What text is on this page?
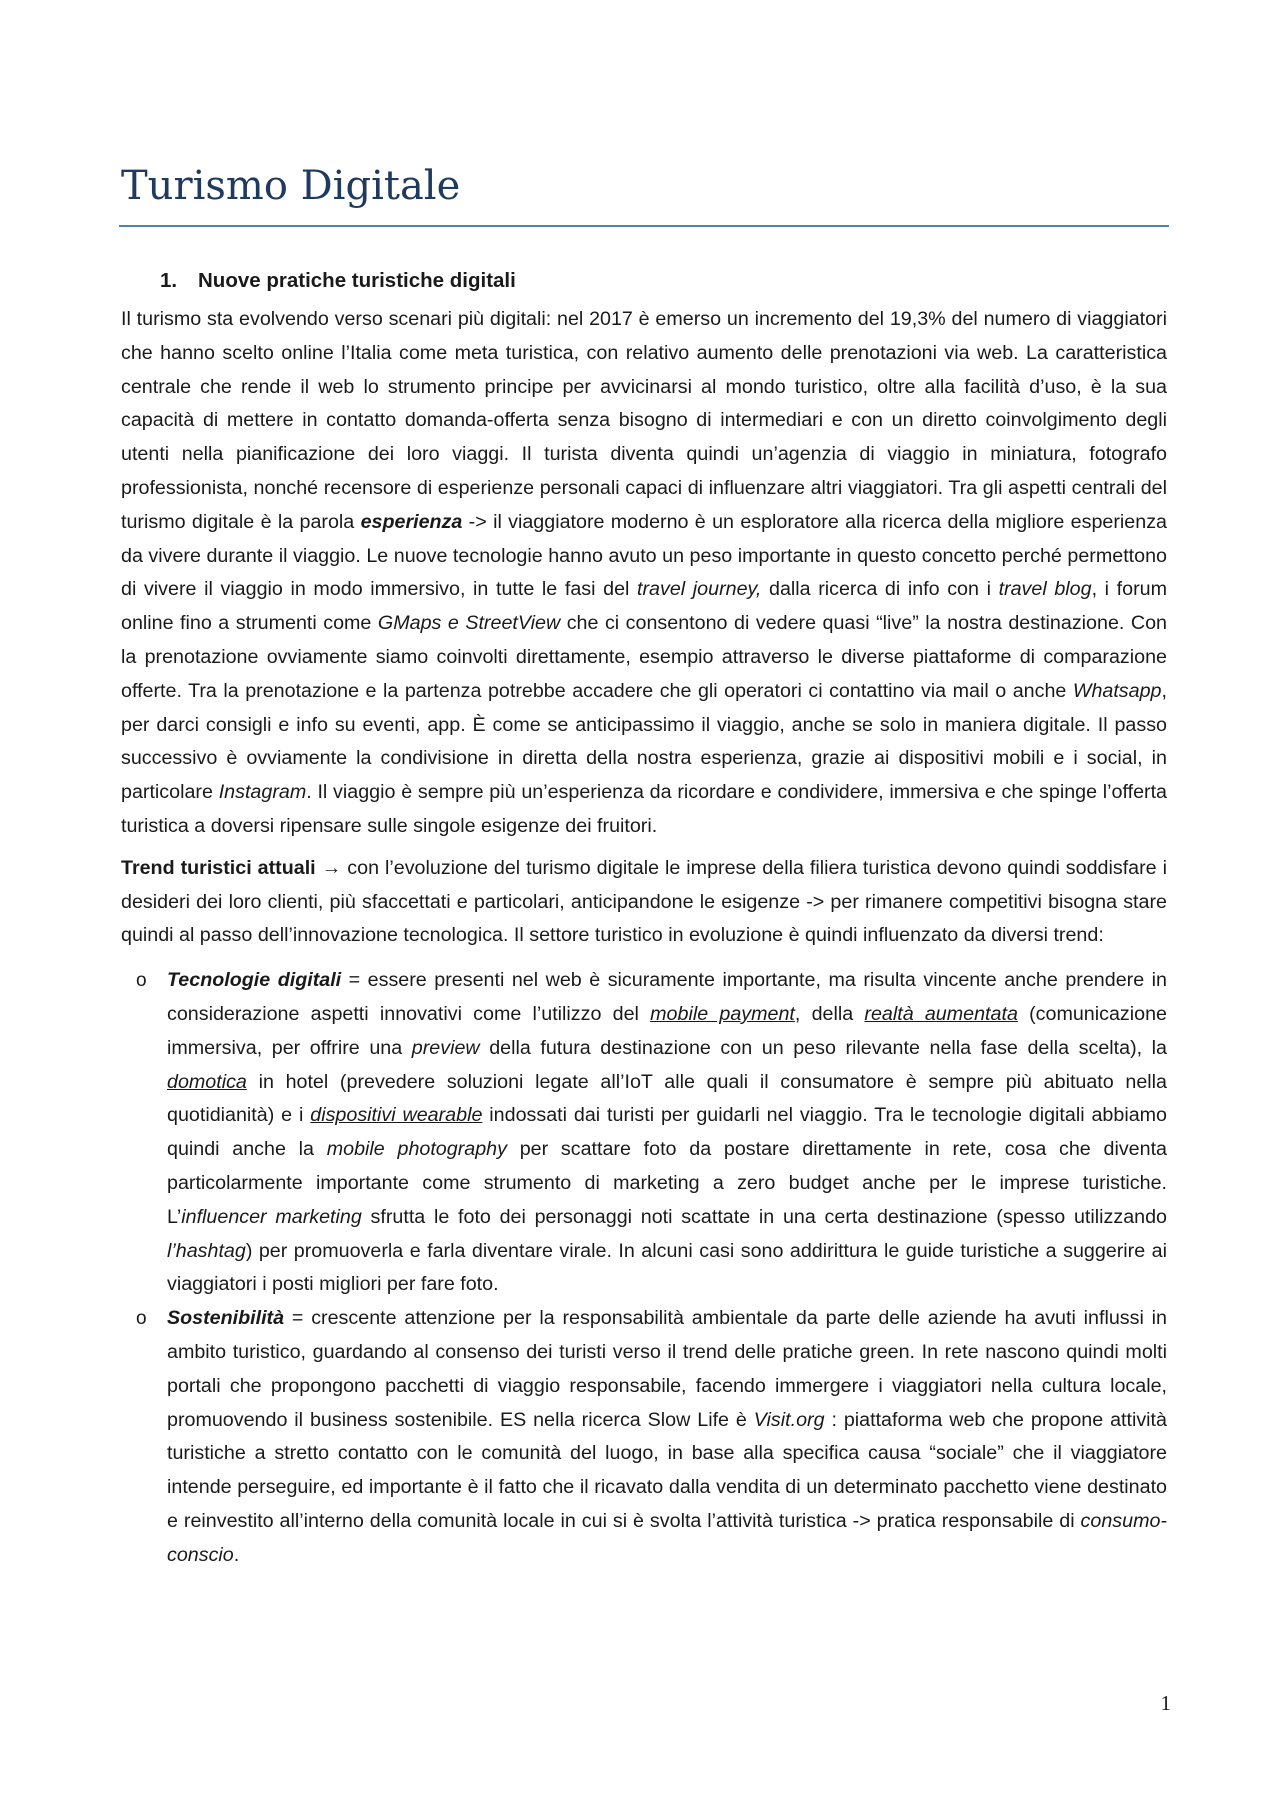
Turismo Digitale
1. Nuove pratiche turistiche digitali

Il turismo sta evolvendo verso scenari più digitali: nel 2017 è emerso un incremento del 19,3% del numero di viaggiatori che hanno scelto online l’Italia come meta turistica, con relativo aumento delle prenotazioni via web. La caratteristica centrale che rende il web lo strumento principe per avvicinarsi al mondo turistico, oltre alla facilità d’uso, è la sua capacità di mettere in contatto domanda-offerta senza bisogno di intermediari e con un diretto coinvolgimento degli utenti nella pianificazione dei loro viaggi. Il turista diventa quindi un’agenzia di viaggio in miniatura, fotografo professionista, nonché recensore di esperienze personali capaci di influenzare altri viaggiatori. Tra gli aspetti centrali del turismo digitale è la parola esperienza -> il viaggiatore moderno è un esploratore alla ricerca della migliore esperienza da vivere durante il viaggio. Le nuove tecnologie hanno avuto un peso importante in questo concetto perché permettono di vivere il viaggio in modo immersivo, in tutte le fasi del travel journey, dalla ricerca di info con i travel blog, i forum online fino a strumenti come GMaps e StreetView che ci consentono di vedere quasi “live” la nostra destinazione. Con la prenotazione ovviamente siamo coinvolti direttamente, esempio attraverso le diverse piattaforme di comparazione offerte. Tra la prenotazione e la partenza potrebbe accadere che gli operatori ci contattino via mail o anche Whatsapp, per darci consigli e info su eventi, app. È come se anticipassimo il viaggio, anche se solo in maniera digitale. Il passo successivo è ovviamente la condivisione in diretta della nostra esperienza, grazie ai dispositivi mobili e i social, in particolare Instagram. Il viaggio è sempre più un’esperienza da ricordare e condividere, immersiva e che spinge l’offerta turistica a doversi ripensare sulle singole esigenze dei fruitori.

Trend turistici attuali → con l’evoluzione del turismo digitale le imprese della filiera turistica devono quindi soddisfare i desideri dei loro clienti, più sfaccettati e particolari, anticipandone le esigenze -> per rimanere competitivi bisogna stare quindi al passo dell’innovazione tecnologica. Il settore turistico in evoluzione è quindi influenzato da diversi trend:

o Tecnologie digitali = essere presenti nel web è sicuramente importante, ma risulta vincente anche prendere in considerazione aspetti innovativi come l’utilizzo del mobile payment, della realtà aumentata (comunicazione immersiva, per offrire una preview della futura destinazione con un peso rilevante nella fase della scelta), la domotica in hotel (prevedere soluzioni legate all’IoT alle quali il consumatore è sempre più abituato nella quotidianità) e i dispositivi wearable indossati dai turisti per guidarli nel viaggio. Tra le tecnologie digitali abbiamo quindi anche la mobile photography per scattare foto da postare direttamente in rete, cosa che diventa particolarmente importante come strumento di marketing a zero budget anche per le imprese turistiche. L’influencer marketing sfrutta le foto dei personaggi noti scattate in una certa destinazione (spesso utilizzando l’hashtag) per promuoverla e farla diventare virale. In alcuni casi sono addirittura le guide turistiche a suggerire ai viaggiatori i posti migliori per fare foto.
o Sostenibilità = crescente attenzione per la responsabilità ambientale da parte delle aziende ha avuti influssi in ambito turistico, guardando al consenso dei turisti verso il trend delle pratiche green. In rete nascono quindi molti portali che propongono pacchetti di viaggio responsabile, facendo immergere i viaggiatori nella cultura locale, promuovendo il business sostenibile. ES nella ricerca Slow Life è Visit.org : piattaforma web che propone attività turistiche a stretto contatto con le comunità del luogo, in base alla specifica causa “sociale” che il viaggiatore intende perseguire, ed importante è il fatto che il ricavato dalla vendita di un determinato pacchetto viene destinato e reinvestito all’interno della comunità locale in cui si è svolta l’attività turistica -> pratica responsabile di consumo-conscio.
1
